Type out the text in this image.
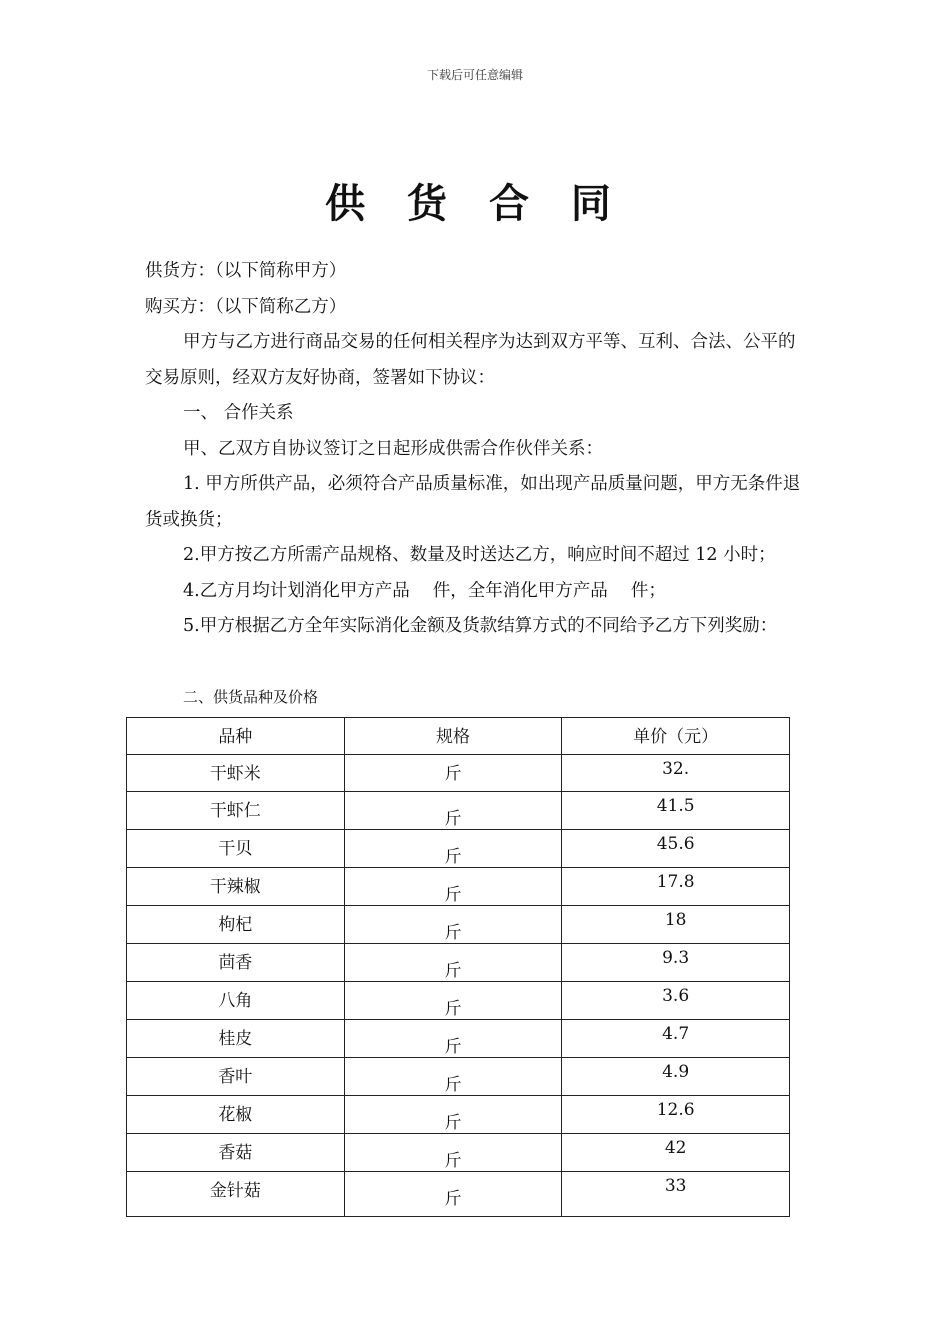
下载后可任意编辑
供 货 合 同

供货方：（以下简称甲方）

购买方：（以下简称乙方）

甲方与乙方进行商品交易的任何相关程序为达到双方平等、互利、合法、公平的交易原则，经双方友好协商，签署如下协议：

一、 合作关系

甲、乙双方自协议签订之日起形成供需合作伙伴关系：

1. 甲方所供产品，必须符合产品质量标准，如出现产品质量问题，甲方无条件退货或换货；

2.甲方按乙方所需产品规格、数量及时送达乙方，响应时间不超过 12 小时；

4.乙方月均计划消化甲方产品　 件，全年消化甲方产品　 件；

5.甲方根据乙方全年实际消化金额及货款结算方式的不同给予乙方下列奖励：

二、供货品种及价格
品种	规格	单价（元）
干虾米	斤	32.
干虾仁	斤	41.5
干贝	斤	45.6
干辣椒	斤	17.8
枸杞	斤	18
茴香	斤	9.3
八角	斤	3.6
桂皮	斤	4.7
香叶	斤	4.9
花椒	斤	12.6
香菇	斤	42
金针菇	斤	33
